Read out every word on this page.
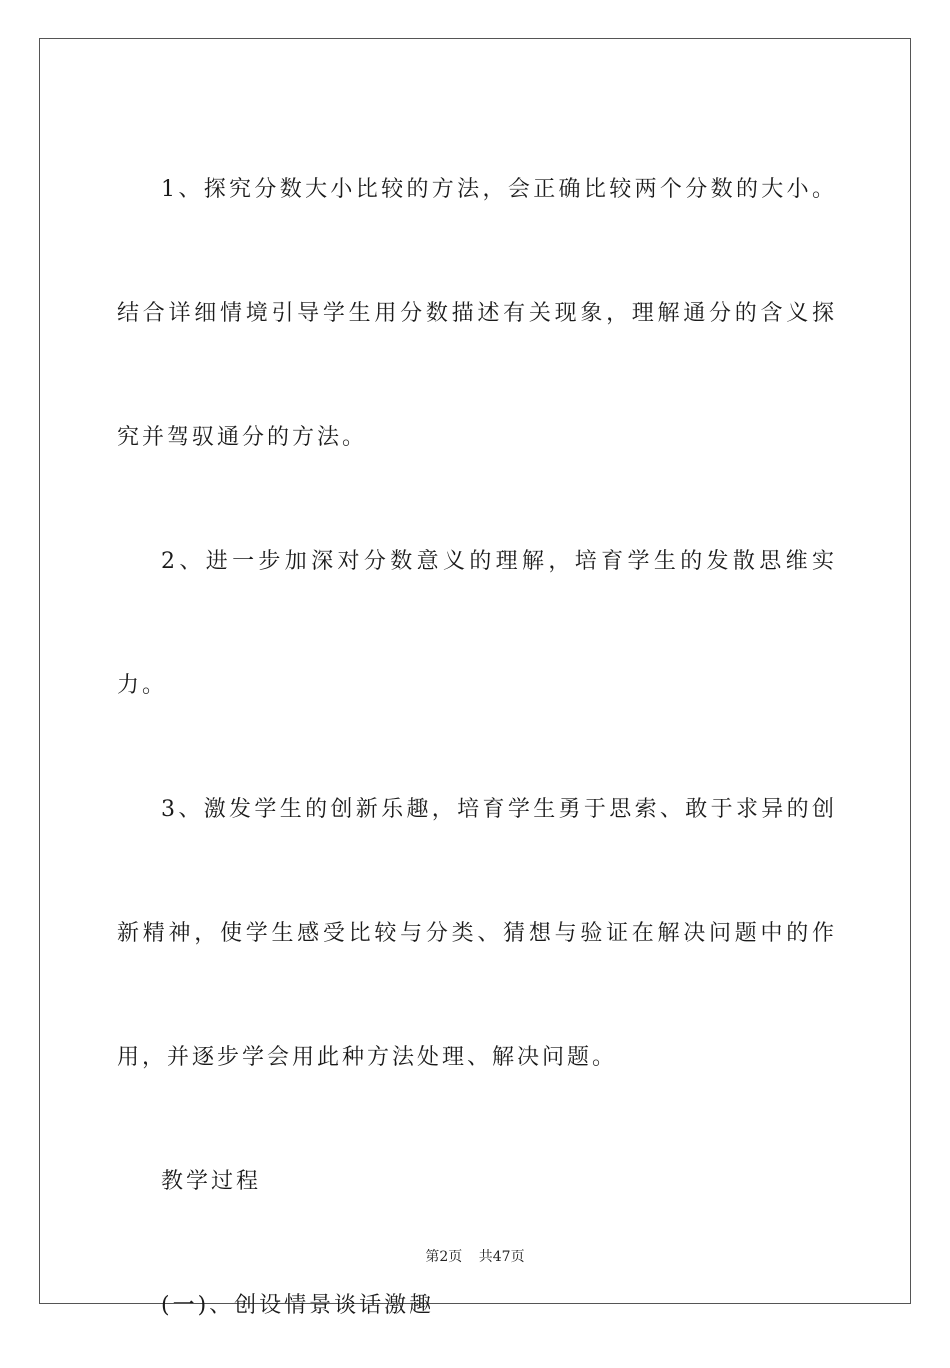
1、探究分数大小比较的方法，会正确比较两个分数的大小。结合详细情境引导学生用分数描述有关现象，理解通分的含义探究并驾驭通分的方法。

2、进一步加深对分数意义的理解，培育学生的发散思维实力。

3、激发学生的创新乐趣，培育学生勇于思索、敢于求异的创新精神，使学生感受比较与分类、猜想与验证在解决问题中的作用，并逐步学会用此种方法处理、解决问题。

教学过程

(一)、创设情景谈话激趣

第2页 共47页
